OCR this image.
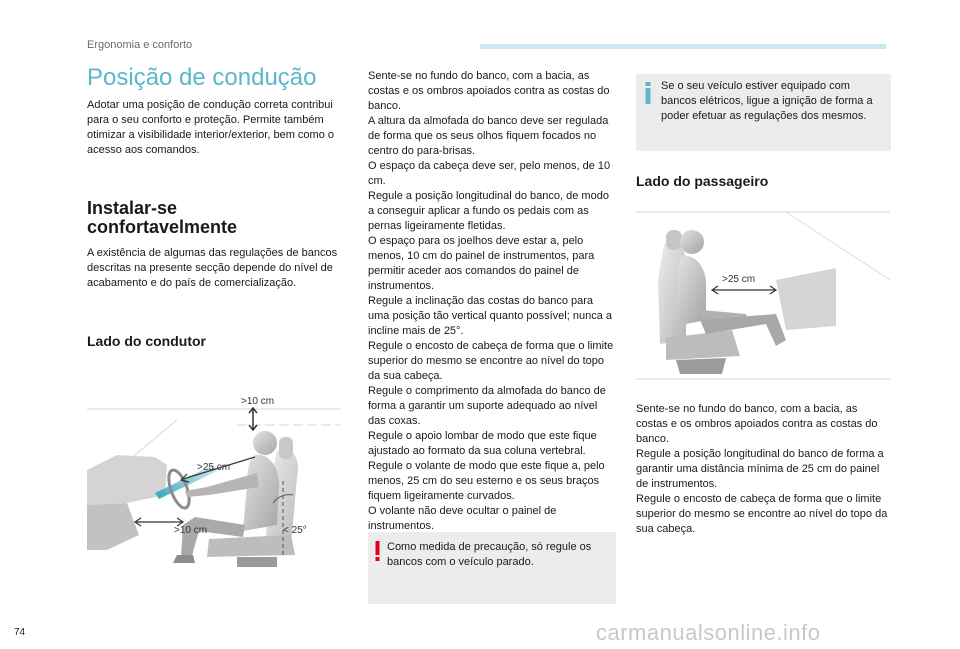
Ergonomia e conforto
Posição de condução
Adotar uma posição de condução correta contribui para o seu conforto e proteção. Permite também otimizar a visibilidade interior/exterior, bem como o acesso aos comandos.
Instalar-se
confortavelmente
A existência de algumas das regulações de bancos descritas na presente secção depende do nível de acabamento e do país de comercialização.
Lado do condutor
>10 cm
>25 cm
>10 cm	< 25°

Sente-se no fundo do banco, com a bacia, as costas e os ombros apoiados contra as costas do banco.

A altura da almofada do banco deve ser regulada de forma que os seus olhos fiquem focados no centro do para-brisas.

O espaço da cabeça deve ser, pelo menos, de 10 cm.

Regule a posição longitudinal do banco, de modo a conseguir aplicar a fundo os pedais com as pernas ligeiramente fletidas.

O espaço para os joelhos deve estar a, pelo menos, 10 cm do painel de instrumentos, para permitir aceder aos comandos do painel de instrumentos.

Regule a inclinação das costas do banco para uma posição tão vertical quanto possível; nunca a incline mais de 25°.

Regule o encosto de cabeça de forma que o limite superior do mesmo se encontre ao nível do topo da sua cabeça.

Regule o comprimento da almofada do banco de forma a garantir um suporte adequado ao nível das coxas.

Regule o apoio lombar de modo que este fique ajustado ao formato da sua coluna vertebral.

Regule o volante de modo que este fique a, pelo menos, 25 cm do seu esterno e os seus braços fiquem ligeiramente curvados.

O volante não deve ocultar o painel de instrumentos.

Como medida de precaução, só regule os bancos com o veículo parado.
Se o seu veículo estiver equipado com bancos elétricos, ligue a ignição de forma a poder efetuar as regulações dos mesmos.
Lado do passageiro
>25 cm

Sente-se no fundo do banco, com a bacia, as costas e os ombros apoiados contra as costas do banco.

Regule a posição longitudinal do banco de forma a garantir uma distância mínima de 25 cm do painel de instrumentos.

Regule o encosto de cabeça de forma que o limite superior do mesmo se encontre ao nível do topo da sua cabeça.

74	carmanualsonline.info
